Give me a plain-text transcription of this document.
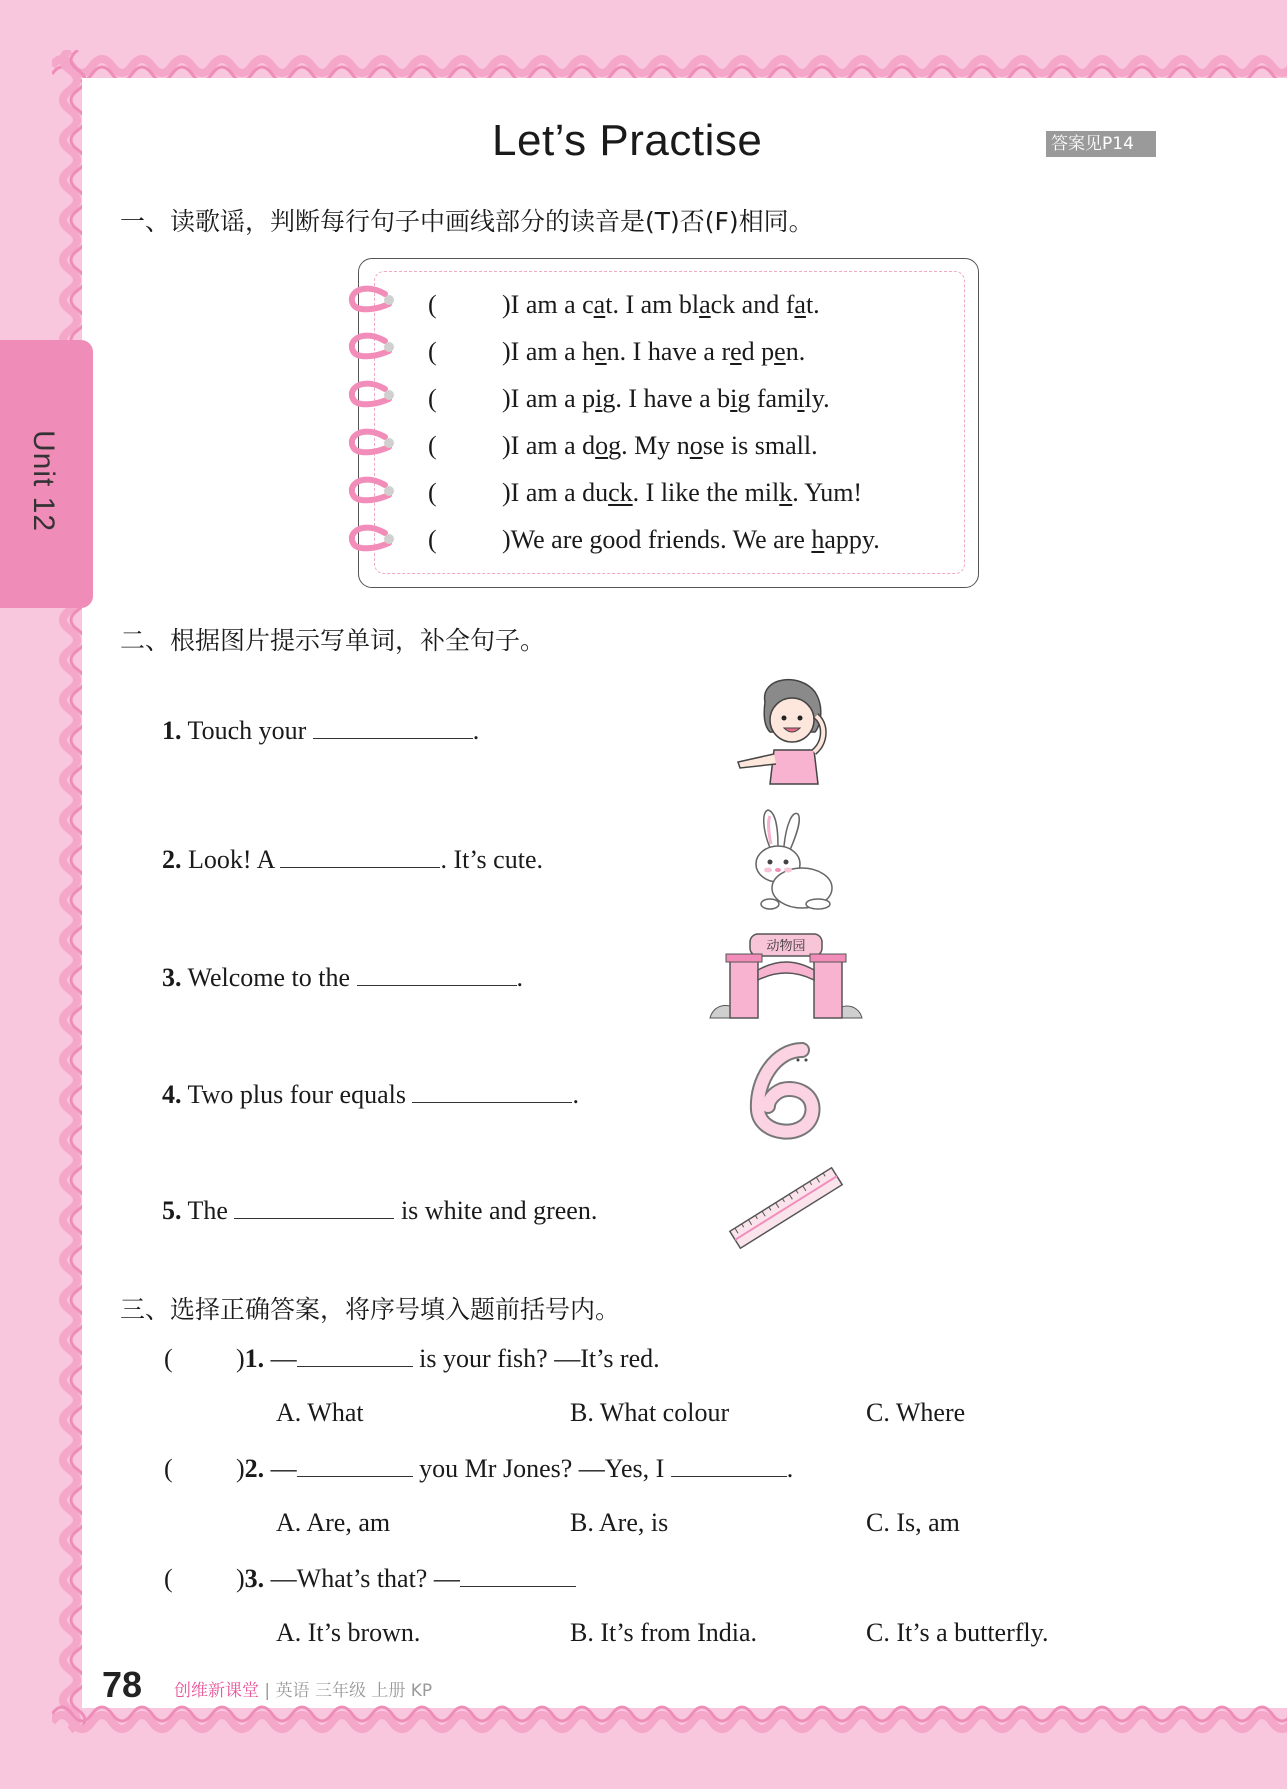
Unit 12
Let’s Practise	答案见P14
一、读歌谣，判断每行句子中画线部分的读音是(T)否(F)相同。
(	)I am a cat. I am black and fat.
(	)I am a hen. I have a red pen.
(	)I am a pig. I have a big family.
(	)I am a dog. My nose is small.
(	)I am a duck. I like the milk. Yum!
(	)We are good friends. We are happy.
二、根据图片提示写单词，补全句子。
1. Touch your	.
2. Look! A	. It’s cute.
3. Welcome to the	.
4. Two plus four equals	.
5. The	is white and green.
动物园
三、选择正确答案，将序号填入题前括号内。
( )1. —	is your fish? —It’s red.
A. What	B. What colour	C. Where
( )2. —	you Mr Jones? —Yes, I	.
A. Are, am	B. Are, is	C. Is, am
( )3. —What’s that? —
A. It’s brown.	B. It’s from India.	C. It’s a butterfly.
78 创维新课堂 | 英语 三年级 上册 KP
